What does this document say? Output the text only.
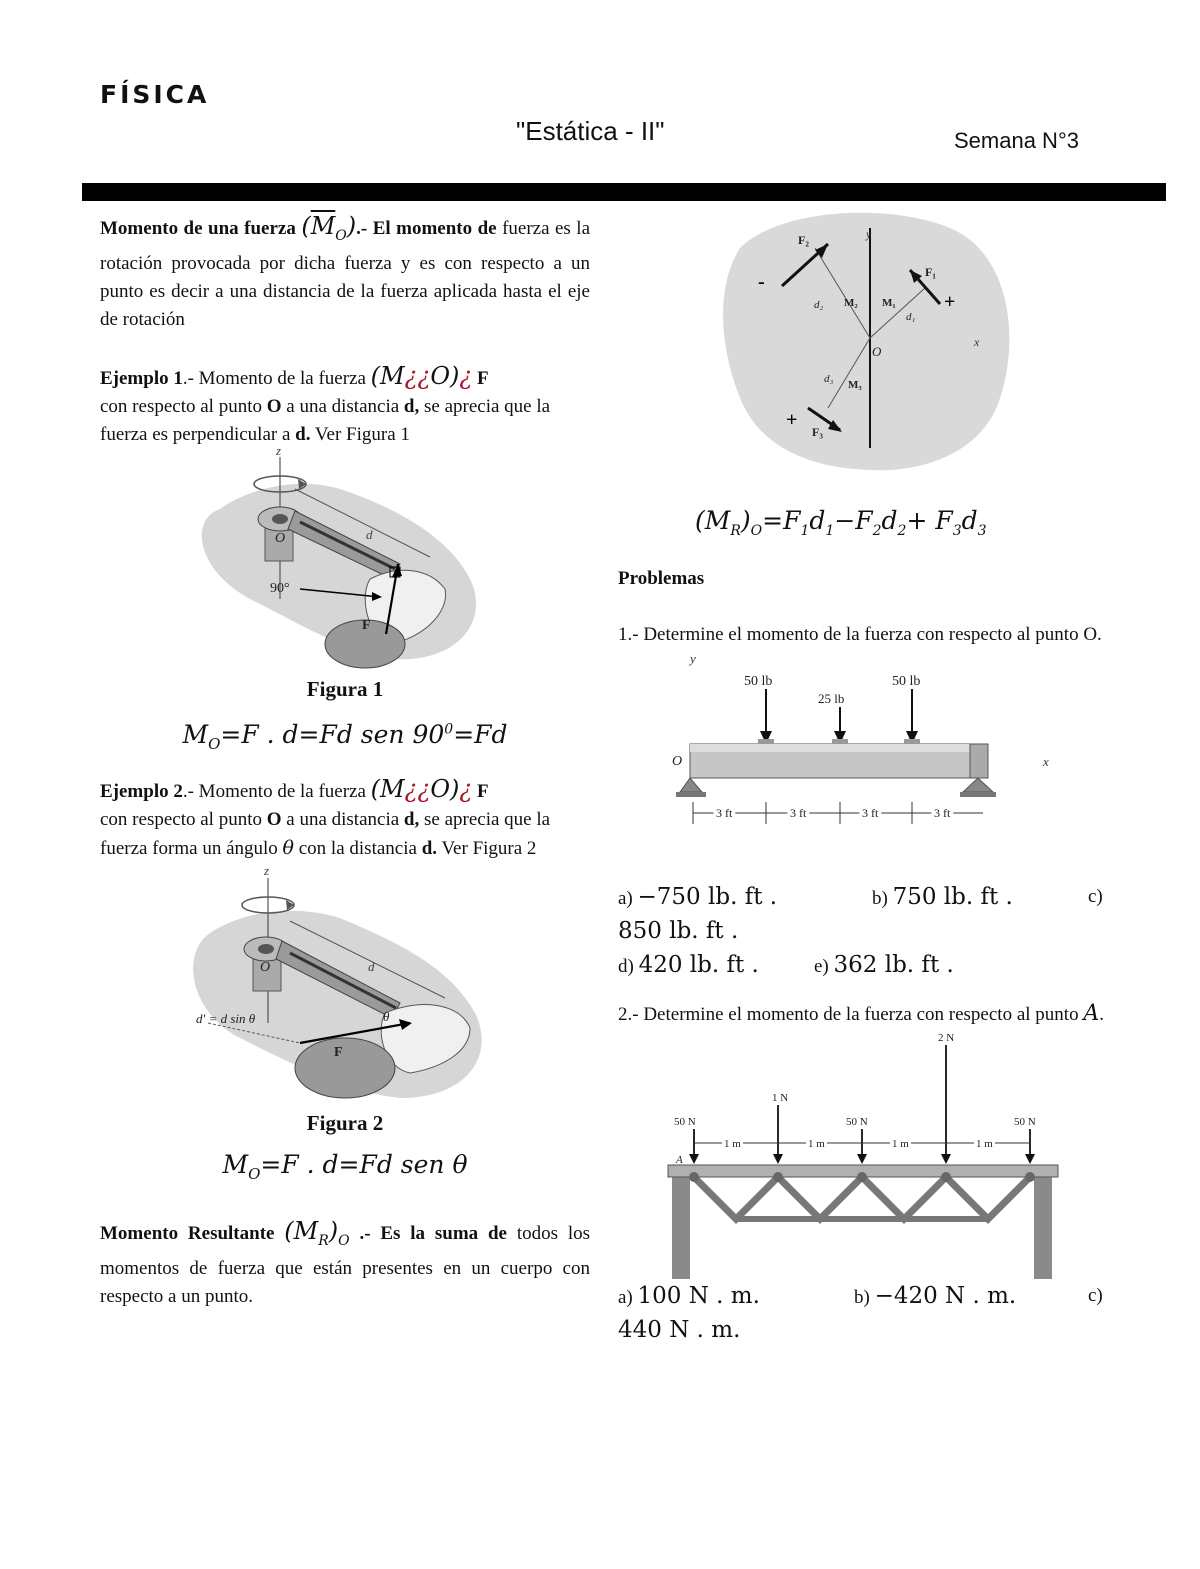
FÍSICA
"Estática - II"	Semana N°3

Momento de una fuerza $(\overline{M}_O).-$ El momento de fuerza es la rotación provocada por dicha fuerza y es con respecto a un punto es decir a una distancia de la fuerza aplicada hasta el eje de rotación

Ejemplo 1.- Momento de la fuerza (M¿¿O)¿ F
con respecto al punto O a una distancia d, se aprecia que la fuerza es perpendicular a d. Ver Figura 1

z
O	d
90°
F
Figura 1
$M_O=F$ . d=Fd sen $90^0=Fd$

Ejemplo 2.- Momento de la fuerza (M¿¿O)¿ F
con respecto al punto O a una distancia d, se aprecia que la fuerza forma un ángulo θ con la distancia d. Ver Figura 2

z
O	d
d′ = d sin θ	θ
F
Figura 2
$M_O=F$ . d=Fd sen θ

Momento Resultante $(M_R)_O$ .- Es la suma de todos los momentos de fuerza que están presentes en un cuerpo con respecto a un punto.

F₂	y
F₁
-
+
d₂ M₂ M₁
d₁
O
x
d₃ M₃
+
F₃
$(M_R)_O=F_1d_1-F_2d_2+ F_3d_3$

Problemas

1.- Determine el momento de la fuerza con respecto al punto O.

y
50 lb
25 lb
50 lb
O	x
3 ft	3 ft	3 ft	3 ft
a) −750 lb. ft .	b) 750 lb. ft .	c)
850 lb. ft .
d) 420 lb. ft .	e) 362 lb. ft .

2.- Determine el momento de la fuerza con respecto al punto A.

2 N
1 N
50 N	50 N	50 N
A
1 m	1 m	1 m	1 m
a) 100 N . m.	b) −420 N . m.	c)
440 N . m.
